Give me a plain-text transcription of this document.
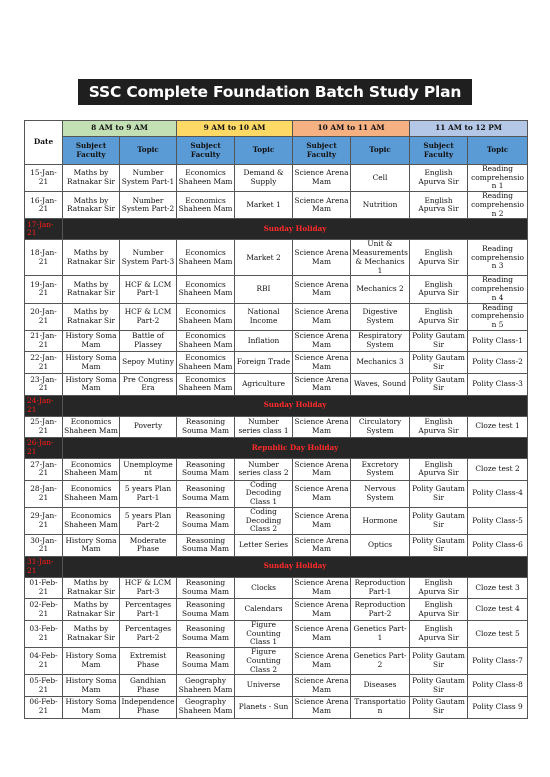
SSC Complete Foundation Batch Study Plan
Date	8 AM to 9 AM		9 AM to 10 AM		10 AM to 11 AM		11 AM to 12 PM	
	Subject Faculty	Topic	Subject Faculty	Topic	Subject Faculty	Topic	Subject Faculty	Topic
15-Jan-21	Maths by Ratnakar Sir	Number System Part-1	Economics Shaheen Mam	Demand & Supply	Science Arena Mam	Cell	English Apurva Sir	Reading comprehension 1
16-Jan-21	Maths by Ratnakar Sir	Number System Part-2	Economics Shaheen Mam	Market 1	Science Arena Mam	Nutrition	English Apurva Sir	Reading comprehension 2
17-Jan-21	Sunday Holiday							
18-Jan-21	Maths by Ratnakar Sir	Number System Part-3	Economics Shaheen Mam	Market 2	Science Arena Mam	Unit & Measurements & Mechanics 1	English Apurva Sir	Reading comprehension 3
19-Jan-21	Maths by Ratnakar Sir	HCF & LCM Part-1	Economics Shaheen Mam	RBI	Science Arena Mam	Mechanics 2	English Apurva Sir	Reading comprehension 4
20-Jan-21	Maths by Ratnakar Sir	HCF & LCM Part-2	Economics Shaheen Mam	National Income	Science Arena Mam	Digestive System	English Apurva Sir	Reading comprehension 5
21-Jan-21	History Soma Mam	Battle of Plassey	Economics Shaheen Mam	Inflation	Science Arena Mam	Respiratory System	Polity Gautam Sir	Polity Class-1
22-Jan-21	History Soma Mam	Sepoy Mutiny	Economics Shaheen Mam	Foreign Trade	Science Arena Mam	Mechanics 3	Polity Gautam Sir	Polity Class-2
23-Jan-21	History Soma Mam	Pre Congress Era	Economics Shaheen Mam	Agriculture	Science Arena Mam	Waves, Sound	Polity Gautam Sir	Polity Class-3
24-Jan-21	Sunday Holiday							
25-Jan-21	Economics Shaheen Mam	Poverty	Reasoning Souma Mam	Number series class 1	Science Arena Mam	Circulatory System	English Apurva Sir	Cloze test 1
26-Jan-21	Republic Day Holiday							
27-Jan-21	Economics Shaheen Mam	Unemployment	Reasoning Souma Mam	Number series class 2	Science Arena Mam	Excretory System	English Apurva Sir	Cloze test 2
28-Jan-21	Economics Shaheen Mam	5 years Plan Part-1	Reasoning Souma Mam	Coding Decoding Class 1	Science Arena Mam	Nervous System	Polity Gautam Sir	Polity Class-4
29-Jan-21	Economics Shaheen Mam	5 years Plan Part-2	Reasoning Souma Mam	Coding Decoding Class 2	Science Arena Mam	Hormone	Polity Gautam Sir	Polity Class-5
30-Jan-21	History Soma Mam	Moderate Phase	Reasoning Souma Mam	Letter Series	Science Arena Mam	Optics	Polity Gautam Sir	Polity Class-6
31-Jan-21	Sunday Holiday							
01-Feb-21	Maths by Ratnakar Sir	HCF & LCM Part-3	Reasoning Souma Mam	Clocks	Science Arena Mam	Reproduction Part-1	English Apurva Sir	Cloze test 3
02-Feb-21	Maths by Ratnakar Sir	Percentages Part-1	Reasoning Souma Mam	Calendars	Science Arena Mam	Reproduction Part-2	English Apurva Sir	Cloze test 4
03-Feb-21	Maths by Ratnakar Sir	Percentages Part-2	Reasoning Souma Mam	Figure Counting Class 1	Science Arena Mam	Genetics Part-1	English Apurva Sir	Cloze test 5
04-Feb-21	History Soma Mam	Extremist Phase	Reasoning Souma Mam	Figure Counting Class 2	Science Arena Mam	Genetics Part-2	Polity Gautam Sir	Polity Class-7
05-Feb-21	History Soma Mam	Gandhian Phase	Geography Shaheen Mam	Universe	Science Arena Mam	Diseases	Polity Gautam Sir	Polity Class-8
06-Feb-21	History Soma Mam	Independence Phase	Geography Shaheen Mam	Planets - Sun	Science Arena Mam	Transportation	Polity Gautam Sir	Polity Class 9
